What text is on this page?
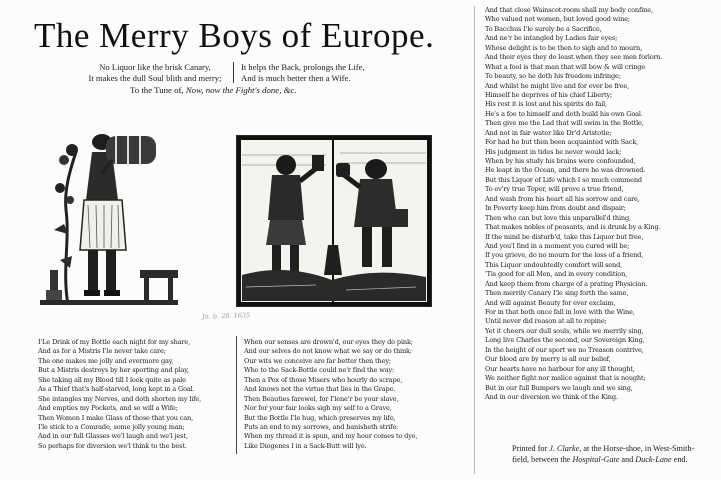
The Merry Boys of Europe.
No Liquor like the brisk Canary,
It makes the dull Soul blith and merry;
It helps the Back, prolongs the Life,
And is much better then a Wife.
To the Tune of, Now, now the Fight's done, &c.
Jn. b. 28. 1635
I'Le Drink of my Bottle each night for my share,
And as for a Mistris I'le never take care;
The one makes me jolly and evermore gay,
But a Mistris destroys by her sporting and play,
She taking all my Blood till I look quite as pale
As a Thief that's half-starved, long kept in a Goal.
She intangles my Nerves, and doth shorten my life,
And empties my Pockets, and so will a Wife;
Then Women I make Glass of those that you can,
I'le stick to a Comrade, some jolly young man;
And in our full Glasses we'l laugh and we'l jest,
So perhaps for diversion we'l think to the best.
When our senses are drown'd, our eyes they do pink;
And our selves do not know what we say or do think;
Our wits we conceive are far better then they;
Who to the Sack-Bottle could ne'r find the way:
Then a Pox of those Misers who hourly do scrape,
And knows not the virtue that lies in the Grape.
Then Beauties farewel, for I'lene'r be your slave,
Nor for your fair looks sigh my self to a Grave,
But the Bottle I'le hug, which preserves my life,
Puts an end to my sorrows, and banisheth strife:
When my thread it is spun, and my hour comes to dye,
Like Diogenes I in a Sack-Butt will lye.
And that close Wainscot-room shall my body confine,
Who valued not women, but loved good wine;
To Bacchus I'le surely be a Sacrifice,
And ne'r be intangled by Ladies fair eyes;
Whose delight is to be then to sigh and to mourn,
And their eyes they do least when they see men forlorn.
What a fool is that man that will bow & will cringe
To beauty, so he doth his freedom infringe;
And whilst he might live and for ever be free,
Himself he deprives of his chief Liberty;
His rest it is lost and his spirits do fail,
He's a foe to himself and doth build his own Goal.
Then give me the Lad that will swim in the Bottle,
And not in fair water like Dr'd Aristotle;
For had he but then been acquainted with Sack,
His judgment in tides he never would lack;
When by his study his brains were confounded,
He leapt in the Ocean, and there he was drowned.
But this Liquor of Life which I so much commend
To ev'ry true Toper, will prove a true friend,
And wash from his heart all his sorrow and care,
In Poverty keep him from doubt and dispair;
Then who can but love this unparallel'd thing,
That makes nobles of peasants, and is drunk by a King.
If the mind be disturb'd, take this Liquor but free,
And you'l find in a moment you cured will be;
If you grieve, do no mourn for the loss of a friend,
This Liquor undoubtedly comfort will send,
'Tis good for all Men, and in every condition,
And keep them from charge of a prating Physician.
Then merrily Canary I'le sing forth the same,
And will against Beauty for ever exclaim,
For in that both once fall in love with the Wine,
Until never did reason at all to repine;
Yet it cheers our dull souls, while we merrily sing,
Long live Charles the second, our Sovereign King,
In the height of our sport we no Treason contrive,
Our blood are by merry is all our belief,
Our hearts have no harbour for any ill thought,
We neither fight nor malice against that is nought;
But in our full Bumpers we laugh and we sing,
And in our diversion we think of the King.
Printed for J. Clarke, at the Horse-shoe, in West-Smith-
field, between the Hospital-Gate and Duck-Lane end.
